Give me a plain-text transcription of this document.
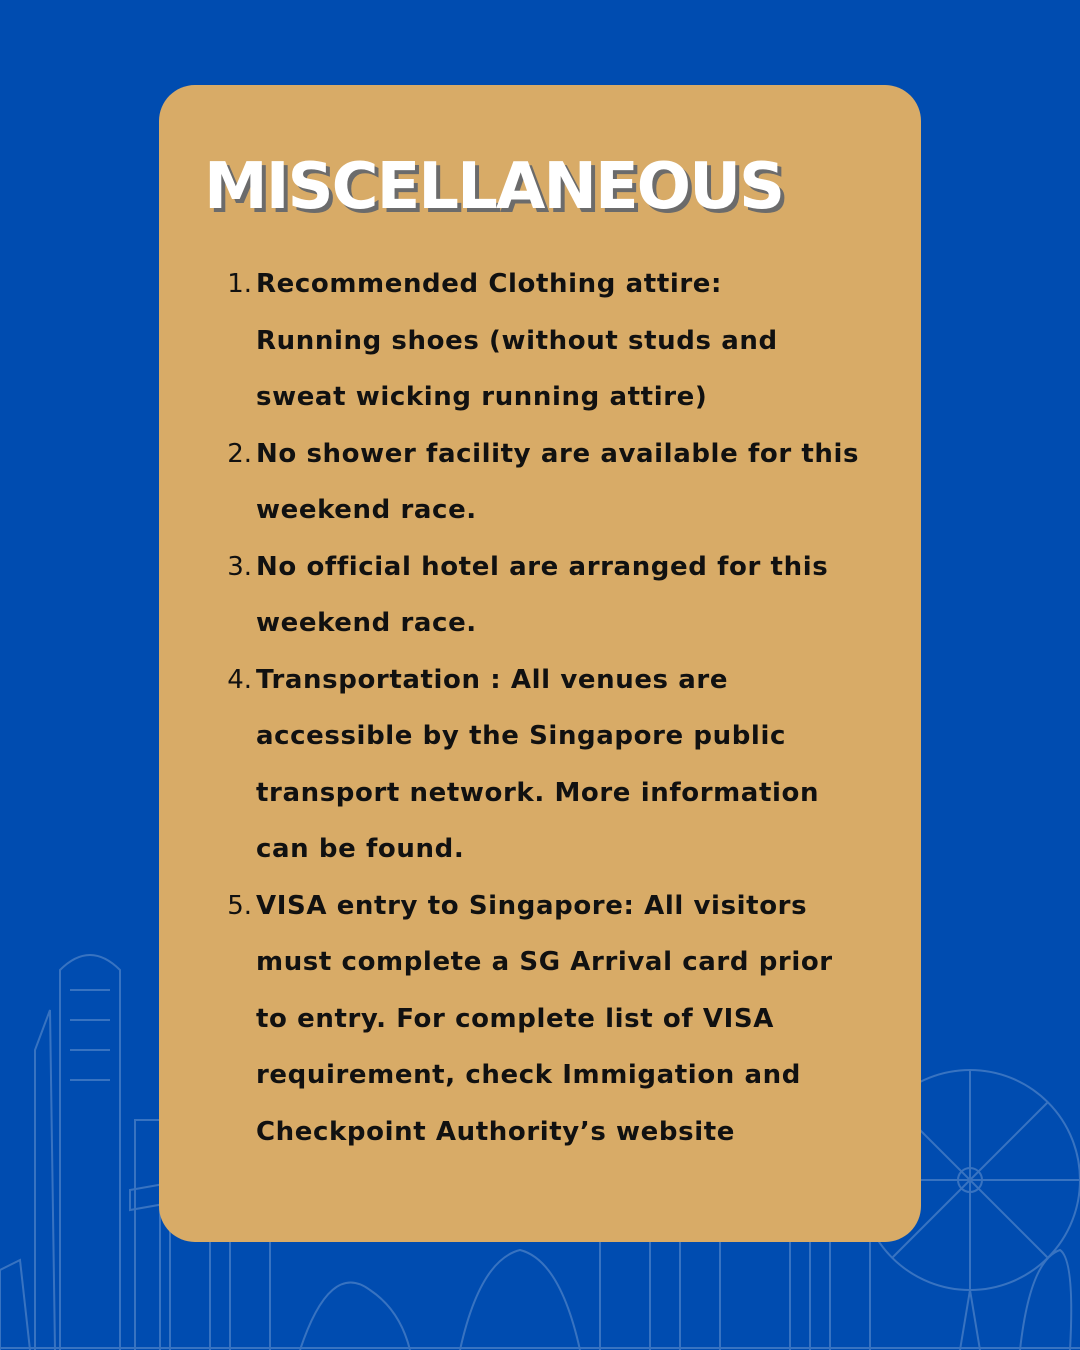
MISCELLANEOUS
1. Recommended Clothing attire:
Running shoes (without studs and
sweat wicking running attire)
2. No shower facility are available for this
weekend race.
3. No official hotel are arranged for this
weekend race.
4. Transportation : All venues are
accessible by the Singapore public
transport network. More information
can be found.
5. VISA entry to Singapore: All visitors
must complete a SG Arrival card prior
to entry. For complete list of VISA
requirement, check Immigation and
Checkpoint Authority’s website
